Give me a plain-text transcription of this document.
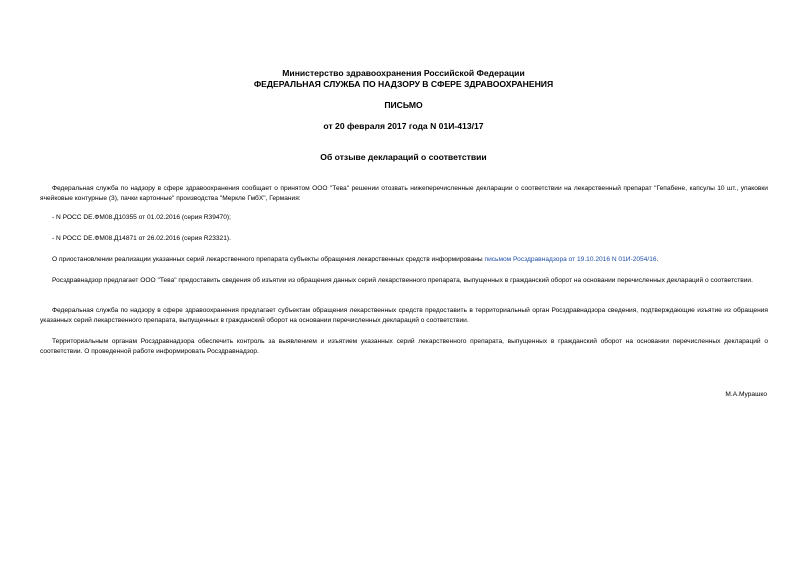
Министерство здравоохранения Российской Федерации
ФЕДЕРАЛЬНАЯ СЛУЖБА ПО НАДЗОРУ В СФЕРЕ ЗДРАВООХРАНЕНИЯ
ПИСЬМО
от 20 февраля 2017 года N 01И-413/17
Об отзыве деклараций о соответствии
Федеральная служба по надзору в сфере здравоохранения сообщает о принятом ООО "Тева" решении отозвать нижеперечисленные декларации о соответствии на лекарственный препарат "Гепабене, капсулы 10 шт., упаковки ячейковые контурные (3), пачки картонные" производства "Меркле ГмбХ", Германия:
- N РОСС DE.ФМ08.Д10355 от 01.02.2016 (серия R39470);
- N РОСС DE.ФМ08.Д14871 от 26.02.2016 (серия R23321).
О приостановлении реализации указанных серий лекарственного препарата субъекты обращения лекарственных средств информированы письмом Росздравнадзора от 19.10.2016 N 01И-2054/16.
Росздравнадзор предлагает ООО "Тева" предоставить сведения об изъятии из обращения данных серий лекарственного препарата, выпущенных в гражданский оборот на основании перечисленных деклараций о соответствии.
Федеральная служба по надзору в сфере здравоохранения предлагает субъектам обращения лекарственных средств предоставить в территориальный орган Росздравнадзора сведения, подтверждающие изъятие из обращения указанных серий лекарственного препарата, выпущенных в гражданский оборот на основании перечисленных деклараций о соответствии.
Территориальным органам Росздравнадзора обеспечить контроль за выявлением и изъятием указанных серий лекарственного препарата, выпущенных в гражданский оборот на основании перечисленных деклараций о соответствии. О проведенной работе информировать Росздравнадзор.
М.А.Мурашко
